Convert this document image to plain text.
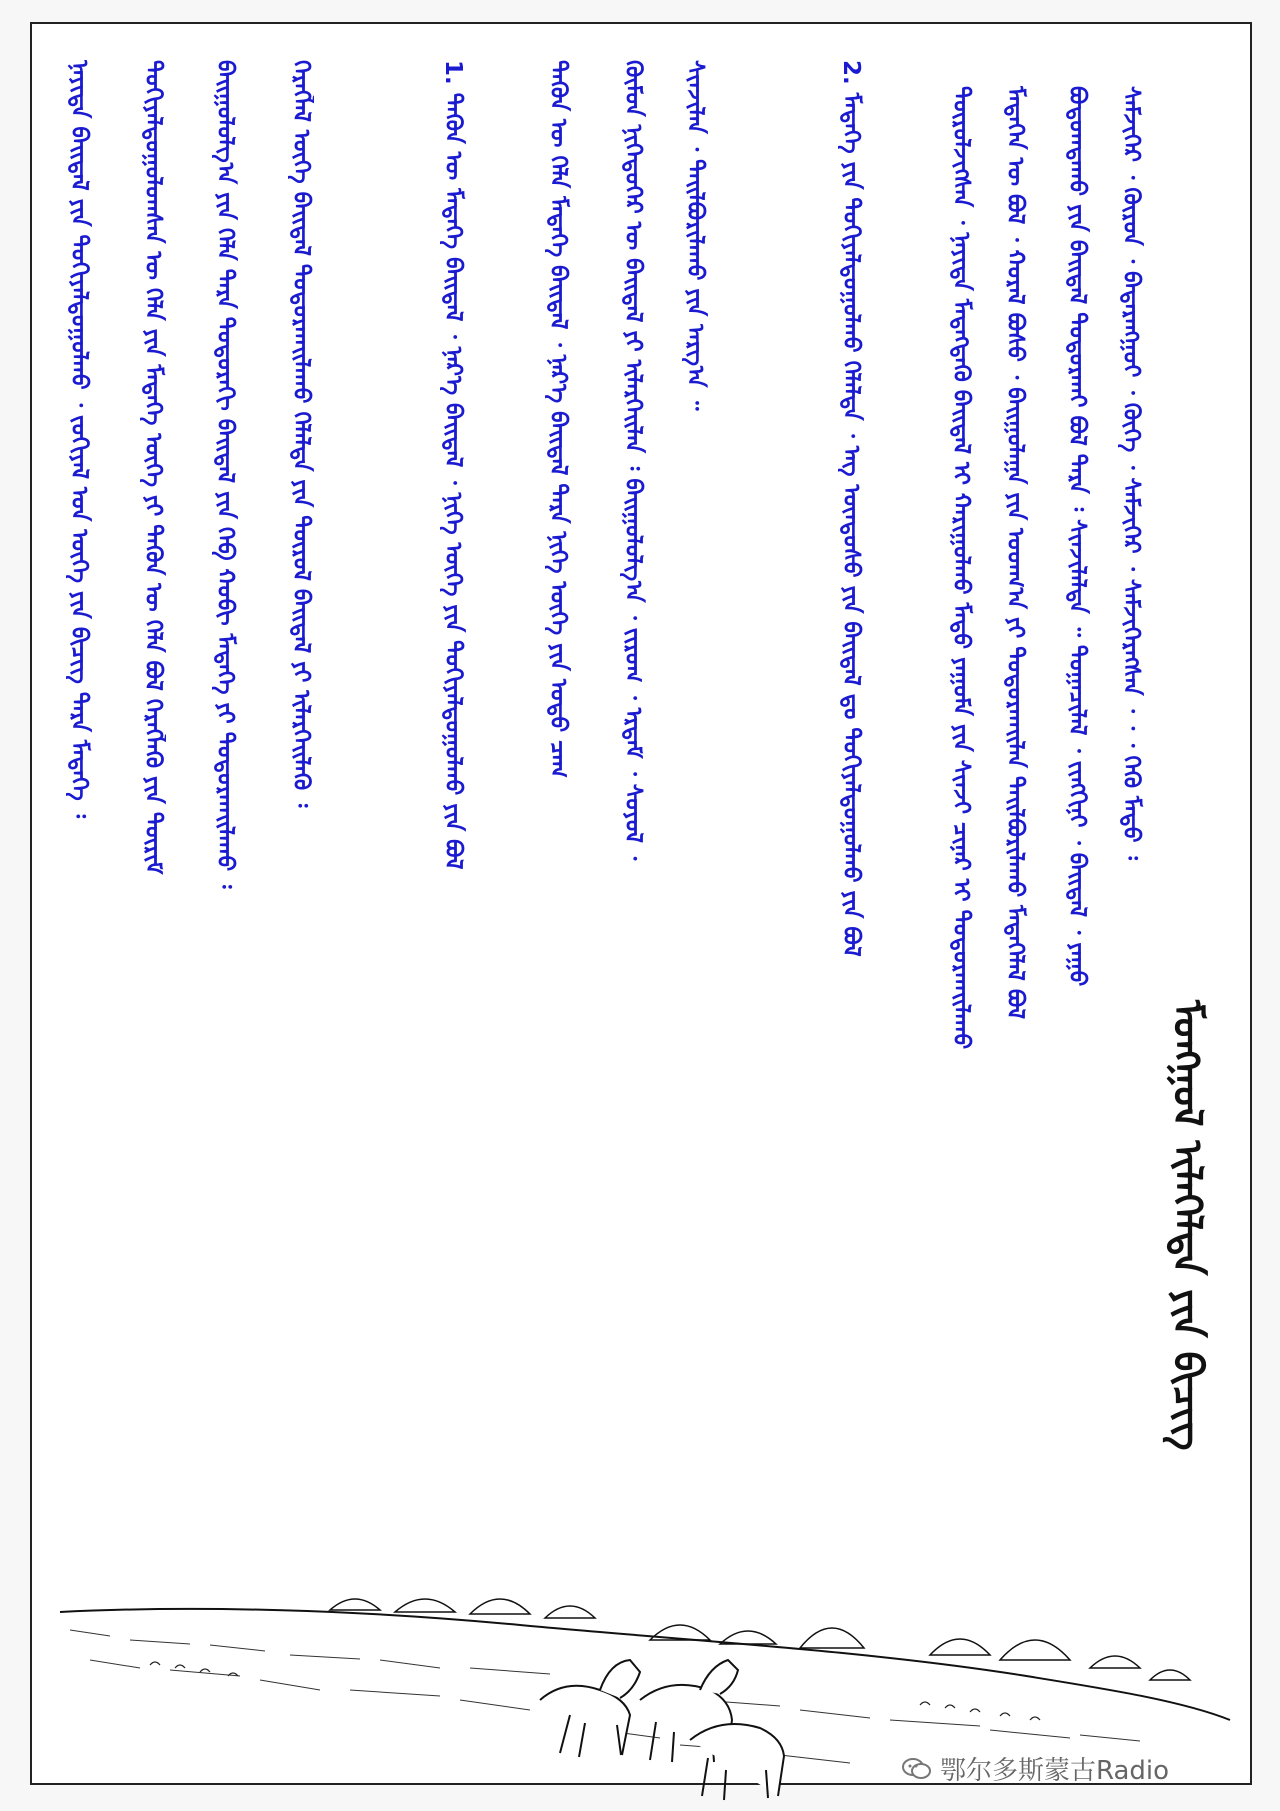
ᠮᠣᠩᠭᠣᠯ ᠢᠯᠡᠭᠡᠯᠲᠡ ᠶᠢᠨ ᠪᠢᠴᠢᠭ
ᠰᠡᠮᠵᠢᠭᠡᠷ ᠂ ᠬᠦᠷᠦᠨ ᠂ ᠪᠠᠳᠠᠷᠠᠩᠭᠤᠢ ᠂ ᠬᠦᠬᠡ ᠂ ᠰᠡᠮᠵᠢᠭᠡᠷ ᠂ ᠰᠡᠮᠵᠢᠭᠡᠷᠡᠭᠰᠡᠨ ᠂ ᠂ ᠂ ᠭᠡᠬᠦ ᠮᠡᠲᠦ ᠄
ᠪᠣᠳᠣᠭᠳᠠᠬᠤ ᠶᠢᠨ ᠪᠠᠢᠳᠠᠯ ᠲᠣᠳᠣᠷᠬᠠᠢ ᠪᠣᠯ ᠲᠡᠷᠡ ᠄ ᠰᠢᠨᠵᠢᠯᠡᠯᠲᠡ ᠃ ᠲᠣᠭᠠᠴᠢᠯᠠᠯ ᠂ ᠵᠢᠩᠬᠢᠨᠢ ᠂ ᠪᠠᠢᠳᠠᠯ ᠂ ᠶᠠᠭᠤ
ᠮᠡᠳᠡᠭᠡᠨ ᠦ ᠪᠣᠯ ᠂ ᠬᠤᠷᠠᠯ ᠪᠤᠰᠤ ᠂ ᠪᠠᠢᠭᠤᠯᠠᠭᠠ ᠶᠢᠨ ᠤᠳᠬ᠎ᠠ ᠶᠢ ᠲᠣᠳᠣᠷᠬᠠᠢᠯᠠᠨ ᠲᠠᠢᠯᠪᠤᠷᠢᠯᠠᠬᠤ ᠮᠡᠳᠡᠭᠡᠯᠡᠯ ᠪᠣᠯ
ᠲᠥᠷᠦᠯᠵᠢᠭᠰᠡᠨ ᠂ ᠨᠡᠶᠢᠲᠡ ᠮᠡᠳᠡᠭᠳᠡᠬᠦ ᠪᠠᠢᠳᠠᠯ ᠢ ᠬᠠᠷᠢᠭᠤᠯᠬᠤ ᠮᠡᠲᠦ ᠶᠠᠭᠤᠮᠠ ᠶᠢᠨ ᠰᠢᠨᠵᠢ ᠴᠢᠨᠠᠷ ᠢ ᠲᠣᠳᠣᠷᠬᠠᠢᠯᠠᠬᠤ
2. ᠮᠡᠳᠡᠭᠡ ᠶᠢᠨ ᠲᠣᠬᠢᠶᠠᠯᠳᠤᠭᠤᠯᠬᠤ ᠬᠡᠯᠡᠯᠲᠡ ᠂ ᠡᠩ ᠦᠨᠳᠦᠰᠦ ᠶᠢᠨ ᠪᠠᠢᠳᠠᠯ ᠳᠤ ᠲᠣᠬᠢᠶᠠᠯᠳᠤᠭᠤᠯᠬᠤ ᠶᠢᠨ ᠪᠣᠯ
ᠰᠢᠨᠵᠢᠯᠡᠨ ᠂ ᠲᠠᠢᠯᠪᠤᠷᠢᠯᠠᠬᠤ ᠶᠢᠨ ᠠᠷᠭ᠎ᠠ ᠃
ᠬᠦᠮᠦᠨ ᠨᠢᠭᠡᠳᠦᠭᠡᠷ ᠦ ᠪᠠᠢᠳᠠᠯ ᠶᠢ ᠢᠯᠡᠷᠬᠡᠢᠯᠡᠨ ᠄ ᠪᠠᠢᠭᠤᠯᠤᠯᠭ᠎ᠠ ᠂ ᠵᠢᠷᠤᠭ ᠂ ᠡᠷᠳᠡᠮ ᠂ ᠰᠣᠶᠣᠯ ᠂
ᠲᠡᠭᠦᠨ ᠦ ᠬᠡᠯᠡ ᠮᠡᠳᠡᠭᠡ ᠪᠠᠢᠳᠠᠯ ᠂ ᠨᠡᠷ᠎ᠡ ᠪᠠᠢᠳᠠᠯ ᠲᠡᠷᠡ ᠨᠢᠭᠡ ᠦᠭᠡ ᠶᠢᠨ ᠣᠳᠣ ᠴᠠᠭ
1. ᠲᠡᠭᠦᠨ ᠦ ᠮᠡᠳᠡᠭᠡ ᠪᠠᠢᠳᠠᠯ ᠂ ᠨᠡᠷ᠎ᠡ ᠪᠠᠢᠳᠠᠯ ᠂ ᠨᠢᠭᠡ ᠦᠭᠡ ᠶᠢᠨ ᠲᠣᠬᠢᠶᠠᠯᠳᠤᠭᠤᠯᠬᠤ ᠶᠢᠨ ᠪᠣᠯ
ᠬᠡᠷᠡᠭᠯᠡᠯ ᠦᠭᠡ ᠪᠠᠢᠳᠠᠯ ᠲᠣᠳᠣᠷᠬᠠᠢᠯᠠᠬᠤ ᠬᠡᠯᠡᠯᠲᠡ ᠶᠢᠨ ᠲᠦᠷᠦᠯ ᠪᠠᠢᠳᠠᠯ ᠶᠢ ᠢᠯᠡᠷᠬᠡᠢᠯᠡᠬᠦ ᠄
ᠪᠠᠢᠭᠤᠯᠤᠯᠭ᠎ᠠ ᠶᠢᠨ ᠬᠡᠯᠡ ᠲᠡᠷᠡ ᠳᠣᠲᠣᠷᠠᠬᠢ ᠪᠠᠢᠳᠠᠯ ᠶᠢᠨ ᠬᠡᠪ ᠬᠤᠪᠢ ᠮᠡᠳᠡᠭᠡ ᠶᠢ ᠲᠣᠳᠣᠷᠬᠠᠢᠯᠠᠬᠤ ᠄
ᠲᠣᠬᠢᠶᠠᠯᠳᠤᠭᠤᠯᠤᠭᠰᠠᠨ ᠦ ᠬᠡᠯᠡ ᠶᠢᠨ ᠮᠡᠳᠡᠭᠡ ᠦᠭᠡ ᠶᠢ ᠲᠡᠭᠦᠨ ᠦ ᠬᠡᠯᠡ ᠪᠣᠯ ᠬᠡᠷᠡᠭᠯᠡᠬᠦ ᠶᠢᠨ ᠳᠦᠷᠢᠮ
ᠨᠡᠶᠢᠲᠡ ᠪᠠᠢᠳᠠᠯ ᠶᠢᠨ ᠲᠣᠬᠢᠶᠠᠯᠳᠤᠭᠤᠯᠬᠤ ᠂ ᠵᠣᠬᠢᠶᠠᠯ ᠤᠨ ᠦᠭᠡ ᠶᠢᠨ ᠪᠢᠴᠢᠭ ᠲᠡᠷᠡ ᠮᠡᠳᠡᠭᠡ ᠄
鄂尔多斯蒙古Radio
